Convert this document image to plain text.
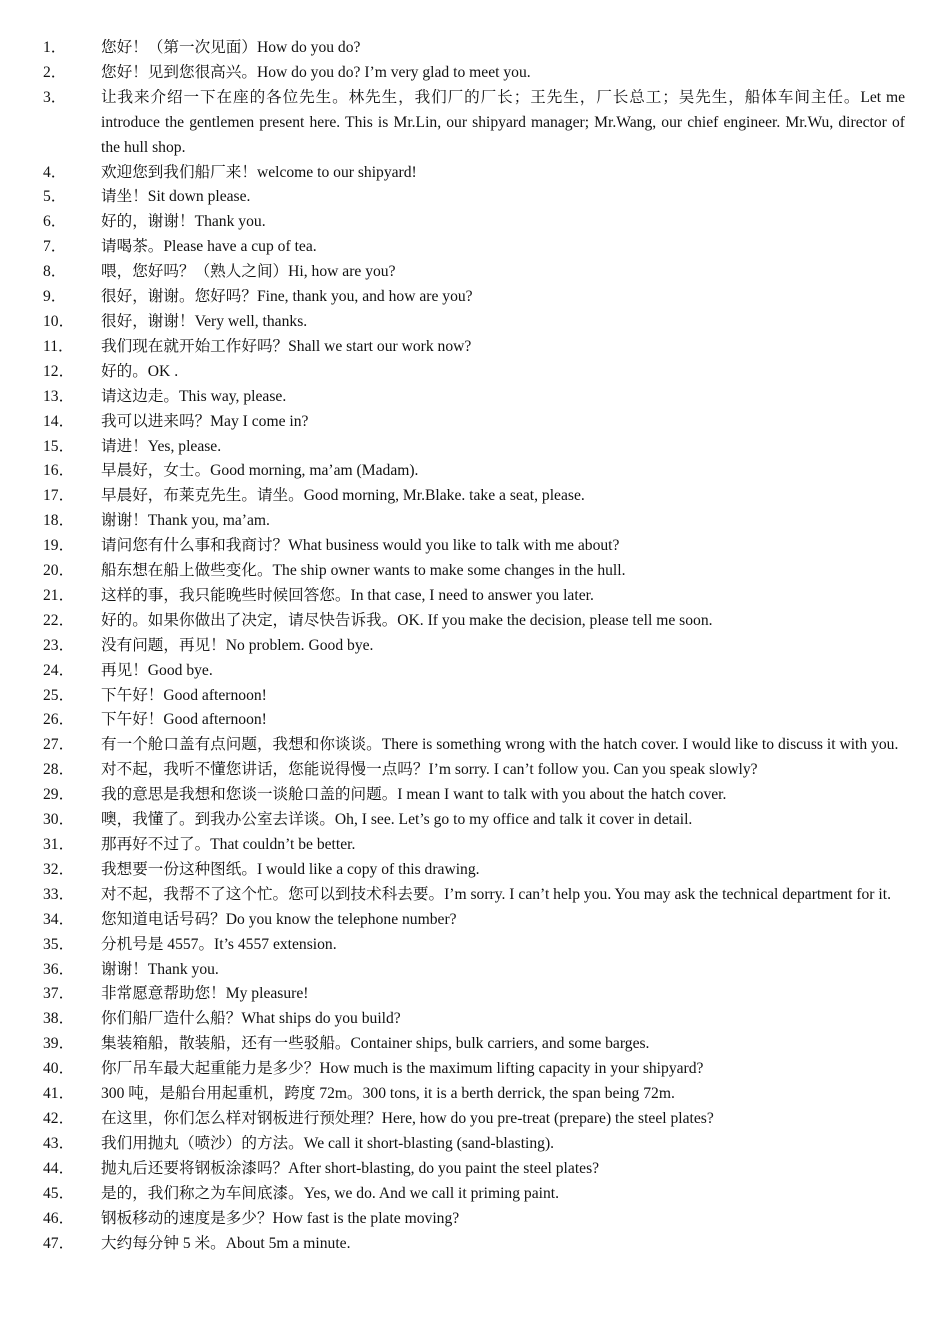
1．	您好！（第一次见面）How do you do?
2．	您好！见到您很高兴。How do you do? I’m very glad to meet you.
3．	让我来介绍一下在座的各位先生。林先生，我们厂的厂长；王先生，厂长总工；吴先生，船体车间主任。Let me introduce the gentlemen present here. This is Mr.Lin, our shipyard manager; Mr.Wang, our chief engineer. Mr.Wu, director of the hull shop.
4．	欢迎您到我们船厂来！welcome to our shipyard!
5．	请坐！Sit down please.
6．	好的，谢谢！Thank you.
7．	请喝茶。Please have a cup of tea.
8．	喂，您好吗？（熟人之间）Hi, how are you?
9．	很好，谢谢。您好吗？Fine, thank you, and how are you?
10．	很好，谢谢！Very well, thanks.
11．	我们现在就开始工作好吗？Shall we start our work now?
12．	好的。OK .
13．	请这边走。This way, please.
14．	我可以进来吗？May I come in?
15．	请进！Yes, please.
16．	早晨好，女士。Good morning, ma’am (Madam).
17．	早晨好，布莱克先生。请坐。Good morning, Mr.Blake. take a seat, please.
18．	谢谢！Thank you, ma’am.
19．	请问您有什么事和我商讨？What business would you like to talk with me about?
20．	船东想在船上做些变化。The ship owner wants to make some changes in the hull.
21．	这样的事，我只能晚些时候回答您。In that case, I need to answer you later.
22．	好的。如果你做出了决定，请尽快告诉我。OK. If you make the decision, please tell me soon.
23．	没有问题，再见！No problem. Good bye.
24．	再见！Good bye.
25．	下午好！Good afternoon!
26．	下午好！Good afternoon!
27．	有一个舱口盖有点问题，我想和你谈谈。There is something wrong with the hatch cover. I would like to discuss it with you.
28．	对不起，我听不懂您讲话，您能说得慢一点吗？I’m sorry. I can’t follow you. Can you speak slowly?
29．	我的意思是我想和您谈一谈舱口盖的问题。I mean I want to talk with you about the hatch cover.
30．	噢，我懂了。到我办公室去详谈。Oh, I see. Let’s go to my office and talk it cover in detail.
31．	那再好不过了。That couldn’t be better.
32．	我想要一份这种图纸。I would like a copy of this drawing.
33．	对不起，我帮不了这个忙。您可以到技术科去要。I’m sorry. I can’t help you. You may ask the technical department for it.
34．	您知道电话号码？Do you know the telephone number?
35．	分机号是 4557。It’s 4557 extension.
36．	谢谢！Thank you.
37．	非常愿意帮助您！My pleasure!
38．	你们船厂造什么船？What ships do you build?
39．	集装箱船，散装船，还有一些驳船。Container ships, bulk carriers, and some barges.
40．	你厂吊车最大起重能力是多少？How much is the maximum lifting capacity in your shipyard?
41．	300 吨，是船台用起重机，跨度 72m。300 tons, it is a berth derrick, the span being 72m.
42．	在这里，你们怎么样对钢板进行预处理？Here, how do you pre-treat (prepare) the steel plates?
43．	我们用抛丸（喷沙）的方法。We call it short-blasting (sand-blasting).
44．	抛丸后还要将钢板涂漆吗？After short-blasting, do you paint the steel plates?
45．	是的，我们称之为车间底漆。Yes, we do. And we call it priming paint.
46．	钢板移动的速度是多少？How fast is the plate moving?
47．	大约每分钟 5 米。About 5m a minute.
